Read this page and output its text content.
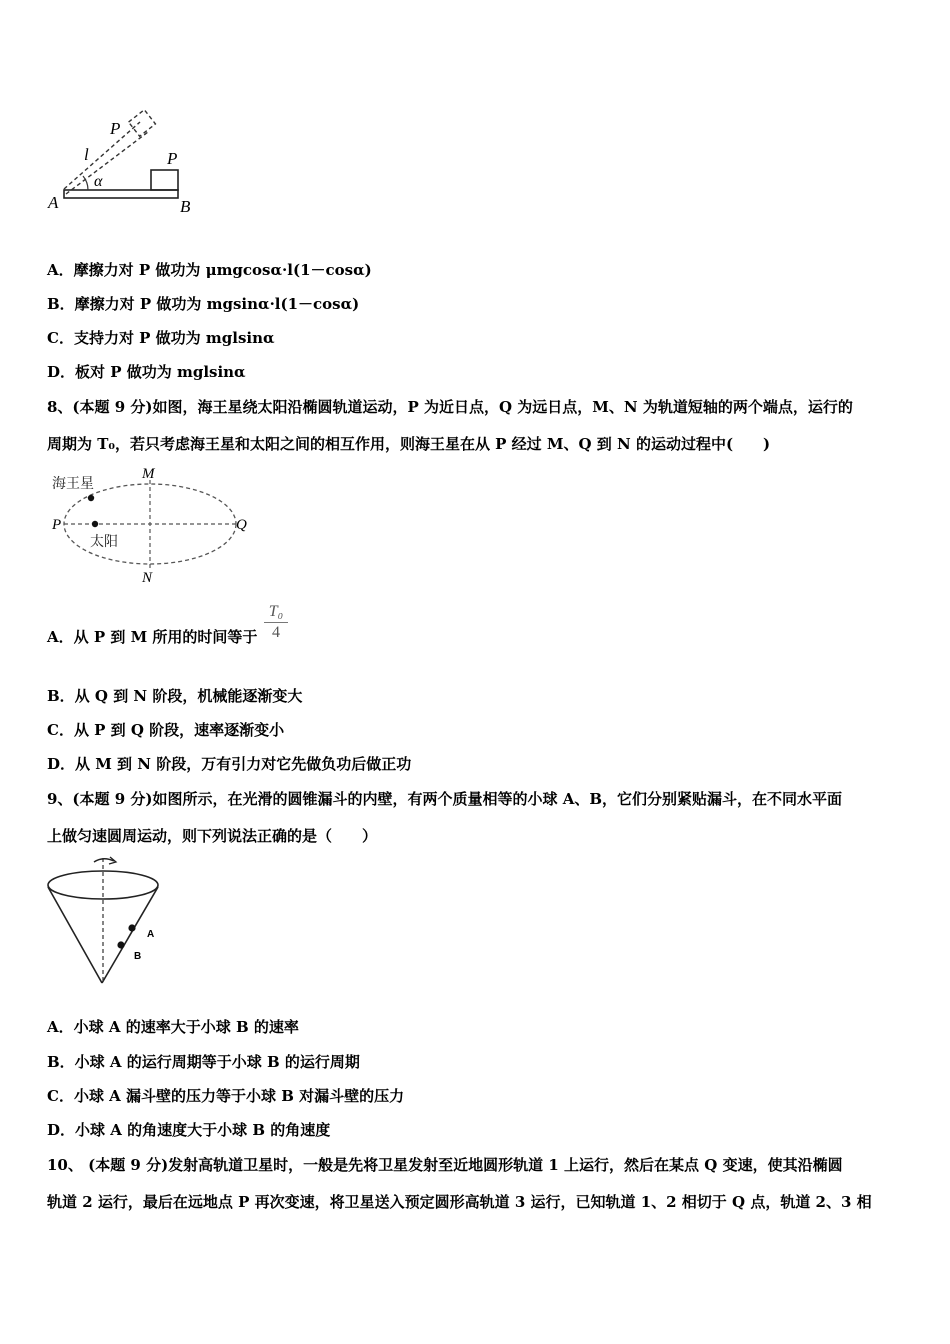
P
l	P
α
A	B
A．摩擦力对 P 做功为 μmgcosα·l(1－cosα)
B．摩擦力对 P 做功为 mgsinα·l(1－cosα)
C．支持力对 P 做功为 mglsinα
D．板对 P 做功为 mglsinα
8、(本题 9 分)如图，海王星绕太阳沿椭圆轨道运动，P 为近日点，Q 为远日点，M、N 为轨道短轴的两个端点，运行的
周期为 T₀，若只考虑海王星和太阳之间的相互作用，则海王星在从 P 经过 M、Q 到 N 的运动过程中(　　)
海王星
太阳
M
N
P	Q
A．从 P 到 M 所用的时间等于
T₀
4
B．从 Q 到 N 阶段，机械能逐渐变大
C．从 P 到 Q 阶段，速率逐渐变小
D．从 M 到 N 阶段，万有引力对它先做负功后做正功
9、(本题 9 分)如图所示，在光滑的圆锥漏斗的内壁，有两个质量相等的小球 A、B，它们分别紧贴漏斗，在不同水平面
上做匀速圆周运动，则下列说法正确的是（　　）
A
B
A．小球 A 的速率大于小球 B 的速率
B．小球 A 的运行周期等于小球 B 的运行周期
C．小球 A 漏斗壁的压力等于小球 B 对漏斗壁的压力
D．小球 A 的角速度大于小球 B 的角速度
10、 (本题 9 分)发射高轨道卫星时，一般是先将卫星发射至近地圆形轨道 1 上运行，然后在某点 Q 变速，使其沿椭圆
轨道 2 运行，最后在远地点 P 再次变速，将卫星送入预定圆形高轨道 3 运行，已知轨道 1、2 相切于 Q 点，轨道 2、3 相
